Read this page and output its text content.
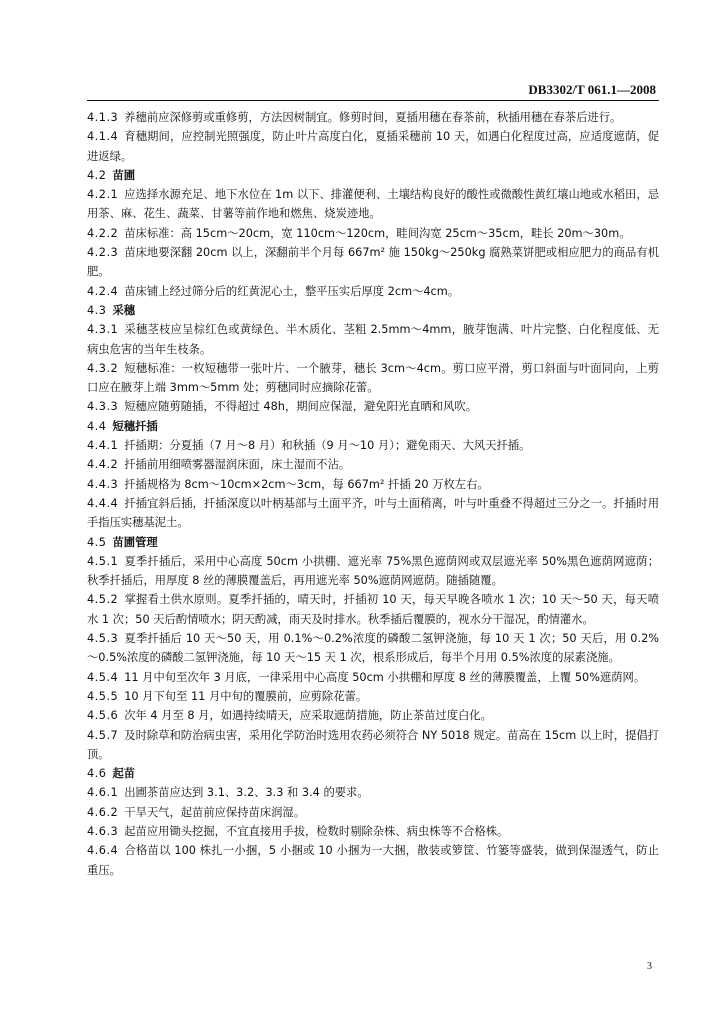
DB3302/T 061.1—2008

4.1.3 养穗前应深修剪或重修剪，方法因树制宜。修剪时间，夏插用穗在春茶前，秋插用穗在春茶后进行。

4.1.4 育穗期间，应控制光照强度，防止叶片高度白化，夏插采穗前 10 天，如遇白化程度过高，应适度遮荫，促进返绿。

4.2 苗圃

4.2.1 应选择水源充足、地下水位在 1m 以下、排灌便利、土壤结构良好的酸性或微酸性黄红壤山地或水稻田，忌用茶、麻、花生、蔬菜、甘薯等前作地和燃焦、烧炭迹地。

4.2.2 苗床标准：高 15cm～20cm，宽 110cm～120cm，畦间沟宽 25cm～35cm，畦长 20m～30m。

4.2.3 苗床地要深翻 20cm 以上，深翻前半个月每 667m² 施 150kg～250kg 腐熟菜饼肥或相应肥力的商品有机肥。

4.2.4 苗床铺上经过筛分后的红黄泥心土，整平压实后厚度 2cm～4cm。

4.3 采穗

4.3.1 采穗茎枝应呈棕红色或黄绿色、半木质化、茎粗 2.5mm～4mm，腋芽饱满、叶片完整、白化程度低、无病虫危害的当年生枝条。

4.3.2 短穗标准：一枚短穗带一张叶片、一个腋芽，穗长 3cm～4cm。剪口应平滑，剪口斜面与叶面同向，上剪口应在腋芽上端 3mm～5mm 处；剪穗同时应摘除花蕾。

4.3.3 短穗应随剪随插，不得超过 48h，期间应保湿，避免阳光直晒和风吹。

4.4 短穗扦插

4.4.1 扦插期：分夏插（7 月～8 月）和秋插（9 月～10 月）；避免雨天、大风天扦插。

4.4.2 扦插前用细喷雾器湿润床面，床土湿而不沾。

4.4.3 扦插规格为 8cm～10cm×2cm～3cm，每 667m² 扦插 20 万枚左右。

4.4.4 扦插宜斜后插，扦插深度以叶柄基部与土面平齐，叶与土面稍离，叶与叶重叠不得超过三分之一。扦插时用手指压实穗基泥土。

4.5 苗圃管理

4.5.1 夏季扦插后，采用中心高度 50cm 小拱棚、遮光率 75%黑色遮荫网或双层遮光率 50%黑色遮荫网遮荫；秋季扦插后，用厚度 8 丝的薄膜覆盖后，再用遮光率 50%遮荫网遮荫。随插随覆。

4.5.2 掌握看土供水原则。夏季扦插的，晴天时，扦插初 10 天，每天早晚各喷水 1 次；10 天～50 天，每天喷水 1 次；50 天后酌情喷水；阴天酌减，雨天及时排水。秋季插后覆膜的，视水分干湿况，酌情灌水。

4.5.3 夏季扦插后 10 天～50 天，用 0.1%～0.2%浓度的磷酸二氢钾浇施，每 10 天 1 次；50 天后，用 0.2%～0.5%浓度的磷酸二氢钾浇施，每 10 天～15 天 1 次，根系形成后，每半个月用 0.5%浓度的尿素浇施。

4.5.4 11 月中旬至次年 3 月底，一律采用中心高度 50cm 小拱棚和厚度 8 丝的薄膜覆盖，上覆 50%遮荫网。

4.5.5 10 月下旬至 11 月中旬的覆膜前，应剪除花蕾。

4.5.6 次年 4 月至 8 月，如遇持续晴天，应采取遮荫措施，防止茶苗过度白化。

4.5.7 及时除草和防治病虫害，采用化学防治时选用农药必须符合 NY 5018 规定。苗高在 15cm 以上时，提倡打顶。

4.6 起苗

4.6.1 出圃茶苗应达到 3.1、3.2、3.3 和 3.4 的要求。

4.6.2 干旱天气，起苗前应保持苗床润湿。

4.6.3 起苗应用锄头挖掘，不宜直接用手拔，检数时剔除杂株、病虫株等不合格株。

4.6.4 合格苗以 100 株扎一小捆，5 小捆或 10 小捆为一大捆，散装或箩筐、竹篓等盛装，做到保湿透气，防止重压。

3
